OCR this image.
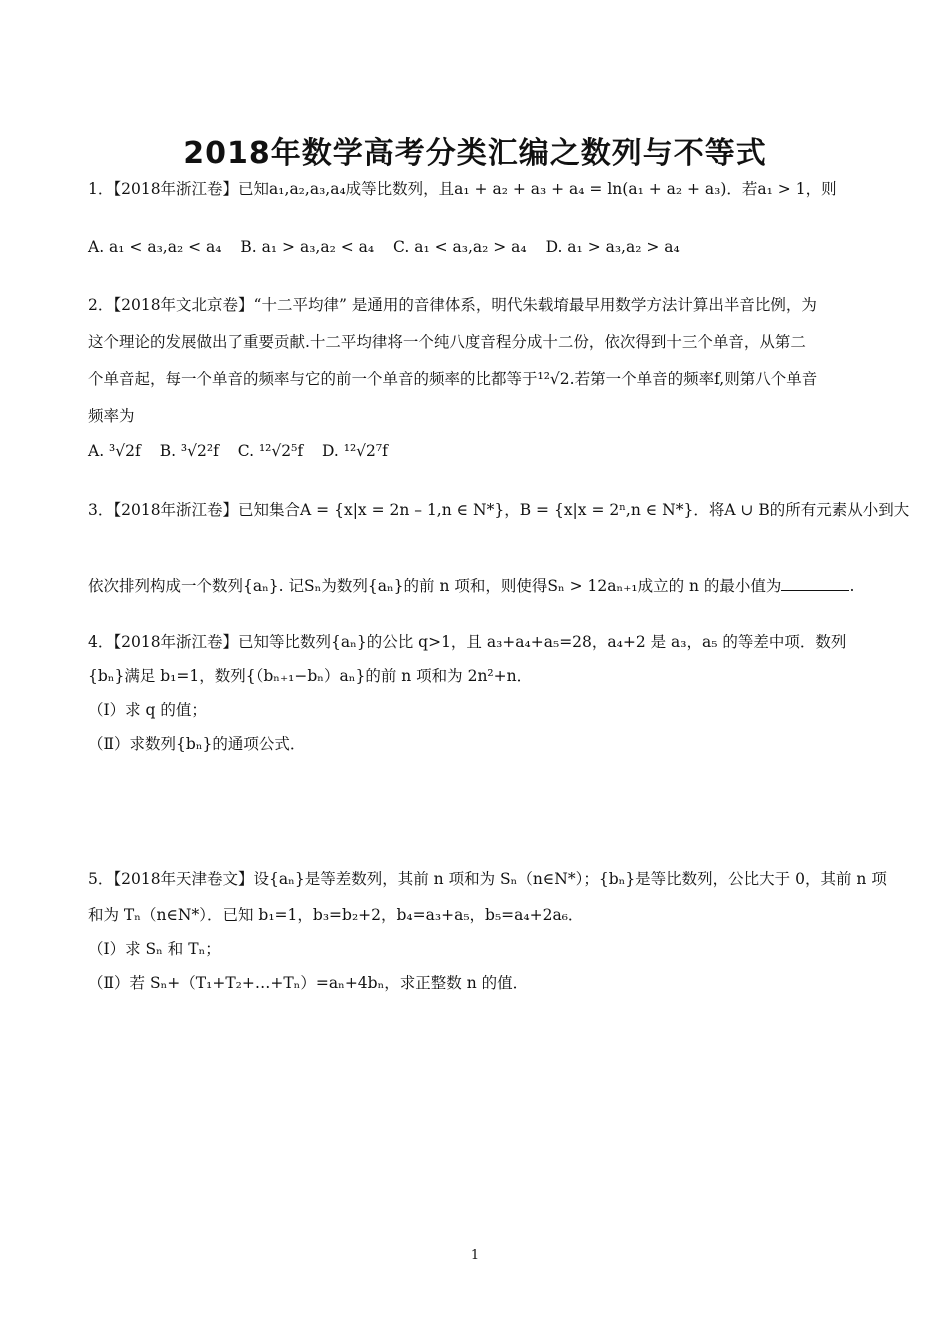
2018年数学高考分类汇编之数列与不等式
1．【2018年浙江卷】已知a₁,a₂,a₃,a₄成等比数列，且a₁ + a₂ + a₃ + a₄ = ln(a₁ + a₂ + a₃)．若a₁ > 1，则
A. a₁ < a₃,a₂ < a₄ B. a₁ > a₃,a₂ < a₄ C. a₁ < a₃,a₂ > a₄ D. a₁ > a₃,a₂ > a₄
2．【2018年文北京卷】“十二平均律” 是通用的音律体系，明代朱载堉最早用数学方法计算出半音比例，为
这个理论的发展做出了重要贡献.十二平均律将一个纯八度音程分成十二份，依次得到十三个单音，从第二
个单音起，每一个单音的频率与它的前一个单音的频率的比都等于¹²√2.若第一个单音的频率f,则第八个单音
频率为
A. ³√2f B. ³√2²f C. ¹²√2⁵f D. ¹²√2⁷f
3．【2018年浙江卷】已知集合A = {x|x = 2n – 1,n ∈ N*}，B = {x|x = 2ⁿ,n ∈ N*}．将A ∪ B的所有元素从小到大
依次排列构成一个数列{aₙ}. 记Sₙ为数列{aₙ}的前 n 项和，则使得Sₙ > 12aₙ₊₁成立的 n 的最小值为	.
4．【2018年浙江卷】已知等比数列{aₙ}的公比 q>1，且 a₃+a₄+a₅=28，a₄+2 是 a₃，a₅ 的等差中项．数列
{bₙ}满足 b₁=1，数列{（bₙ₊₁−bₙ）aₙ}的前 n 项和为 2n²+n．
（Ⅰ）求 q 的值；
（Ⅱ）求数列{bₙ}的通项公式．
5．【2018年天津卷文】设{aₙ}是等差数列，其前 n 项和为 Sₙ（n∈N*）；{bₙ}是等比数列，公比大于 0，其前 n 项
和为 Tₙ（n∈N*）．已知 b₁=1，b₃=b₂+2，b₄=a₃+a₅，b₅=a₄+2a₆．
（Ⅰ）求 Sₙ 和 Tₙ；
（Ⅱ）若 Sₙ+（T₁+T₂+…+Tₙ）=aₙ+4bₙ，求正整数 n 的值．
1
